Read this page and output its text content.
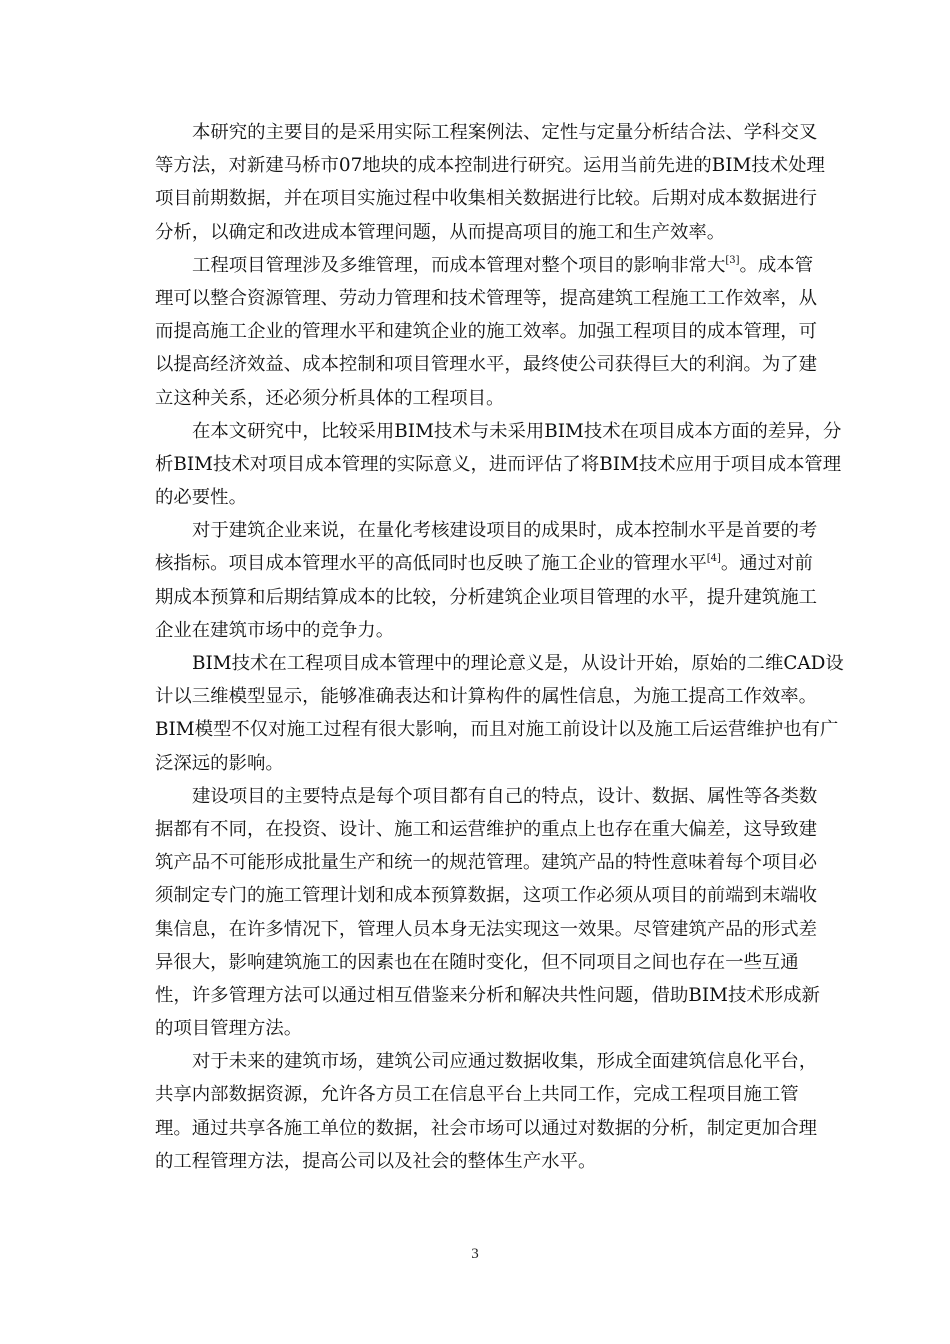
本研究的主要目的是采用实际工程案例法、定性与定量分析结合法、学科交叉
等方法，对新建马桥市07地块的成本控制进行研究。运用当前先进的BIM技术处理
项目前期数据，并在项目实施过程中收集相关数据进行比较。后期对成本数据进行
分析，以确定和改进成本管理问题，从而提高项目的施工和生产效率。
工程项目管理涉及多维管理，而成本管理对整个项目的影响非常大[3]。成本管
理可以整合资源管理、劳动力管理和技术管理等，提高建筑工程施工工作效率，从
而提高施工企业的管理水平和建筑企业的施工效率。加强工程项目的成本管理，可
以提高经济效益、成本控制和项目管理水平，最终使公司获得巨大的利润。为了建
立这种关系，还必须分析具体的工程项目。
在本文研究中，比较采用BIM技术与未采用BIM技术在项目成本方面的差异，分
析BIM技术对项目成本管理的实际意义，进而评估了将BIM技术应用于项目成本管理
的必要性。
对于建筑企业来说，在量化考核建设项目的成果时，成本控制水平是首要的考
核指标。项目成本管理水平的高低同时也反映了施工企业的管理水平[4]。通过对前
期成本预算和后期结算成本的比较，分析建筑企业项目管理的水平，提升建筑施工
企业在建筑市场中的竞争力。
BIM技术在工程项目成本管理中的理论意义是，从设计开始，原始的二维CAD设
计以三维模型显示，能够准确表达和计算构件的属性信息，为施工提高工作效率。
BIM模型不仅对施工过程有很大影响，而且对施工前设计以及施工后运营维护也有广
泛深远的影响。
建设项目的主要特点是每个项目都有自己的特点，设计、数据、属性等各类数
据都有不同，在投资、设计、施工和运营维护的重点上也存在重大偏差，这导致建
筑产品不可能形成批量生产和统一的规范管理。建筑产品的特性意味着每个项目必
须制定专门的施工管理计划和成本预算数据，这项工作必须从项目的前端到末端收
集信息，在许多情况下，管理人员本身无法实现这一效果。尽管建筑产品的形式差
异很大，影响建筑施工的因素也在在随时变化，但不同项目之间也存在一些互通
性，许多管理方法可以通过相互借鉴来分析和解决共性问题，借助BIM技术形成新
的项目管理方法。
对于未来的建筑市场，建筑公司应通过数据收集，形成全面建筑信息化平台，
共享内部数据资源，允许各方员工在信息平台上共同工作，完成工程项目施工管
理。通过共享各施工单位的数据，社会市场可以通过对数据的分析，制定更加合理
的工程管理方法，提高公司以及社会的整体生产水平。
3
